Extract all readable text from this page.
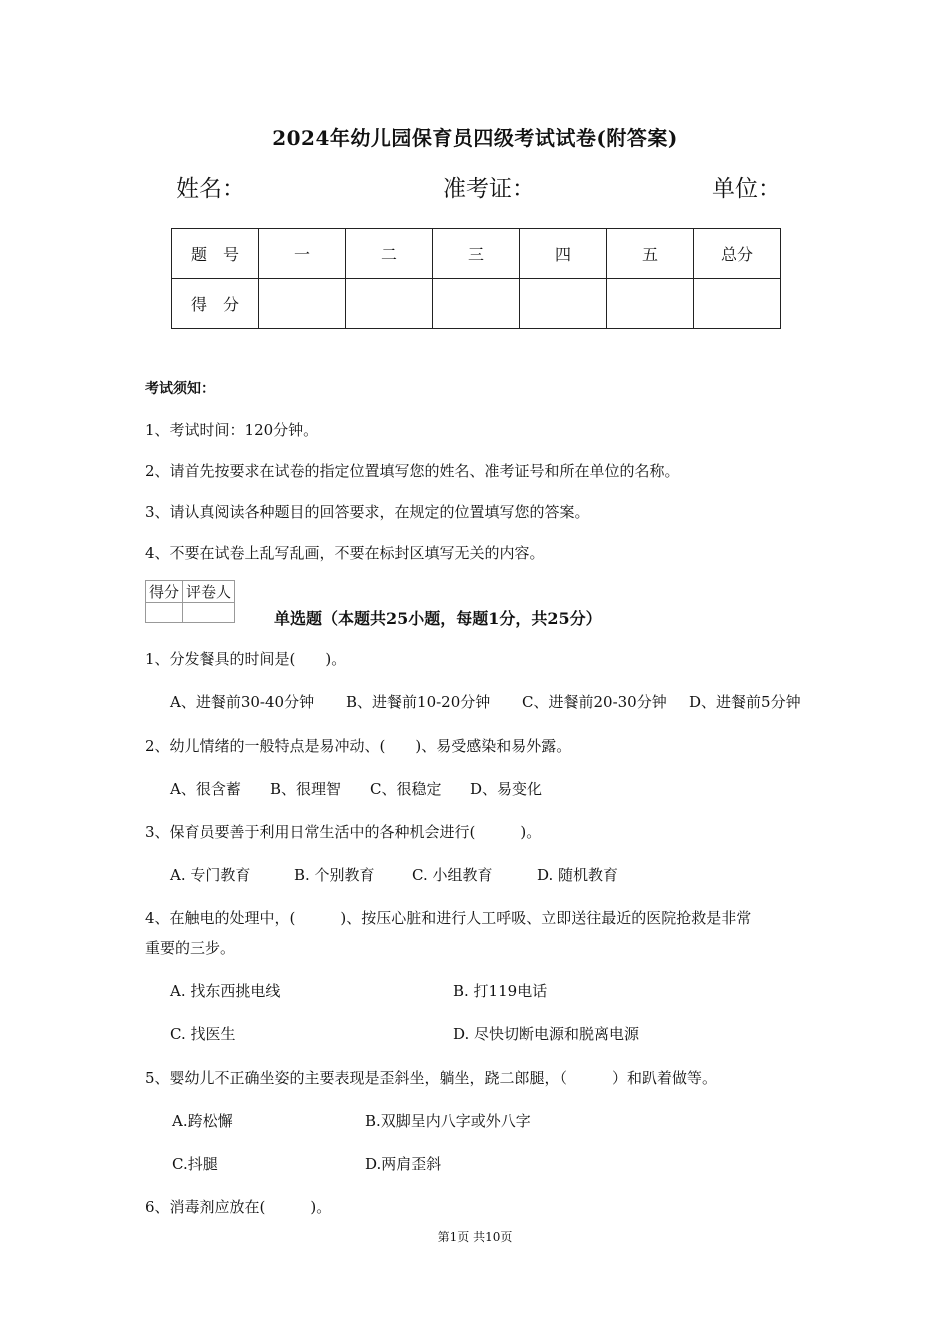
2024年幼儿园保育员四级考试试卷(附答案)
姓名：	准考证：	单位：
题　号	一	二	三	四	五	总分
得　分						
考试须知：
1、考试时间：120分钟。
2、请首先按要求在试卷的指定位置填写您的姓名、准考证号和所在单位的名称。
3、请认真阅读各种题目的回答要求，在规定的位置填写您的答案。
4、不要在试卷上乱写乱画，不要在标封区填写无关的内容。
得分	评卷人

单选题（本题共25小题，每题1分，共25分）
1、分发餐具的时间是(　　)。
A、进餐前30-40分钟 B、进餐前10-20分钟 C、进餐前20-30分钟 D、进餐前5分钟
2、幼儿情绪的一般特点是易冲动、(　　)、易受感染和易外露。
A、很含蓄 B、很理智 C、很稳定 D、易变化
3、保育员要善于利用日常生活中的各种机会进行(　　　)。
A. 专门教育	B. 个别教育 C. 小组教育	D. 随机教育
4、在触电的处理中，(　　　)、按压心脏和进行人工呼吸、立即送往最近的医院抢救是非常
重要的三步。
A. 找东西挑电线	B. 打119电话
C. 找医生	D. 尽快切断电源和脱离电源
5、婴幼儿不正确坐姿的主要表现是歪斜坐，躺坐，跷二郎腿，（　　　）和趴着做等。
A.跨松懈	B.双脚呈内八字或外八字
C.抖腿	D.两肩歪斜
6、消毒剂应放在(　　　)。
第1页 共10页
